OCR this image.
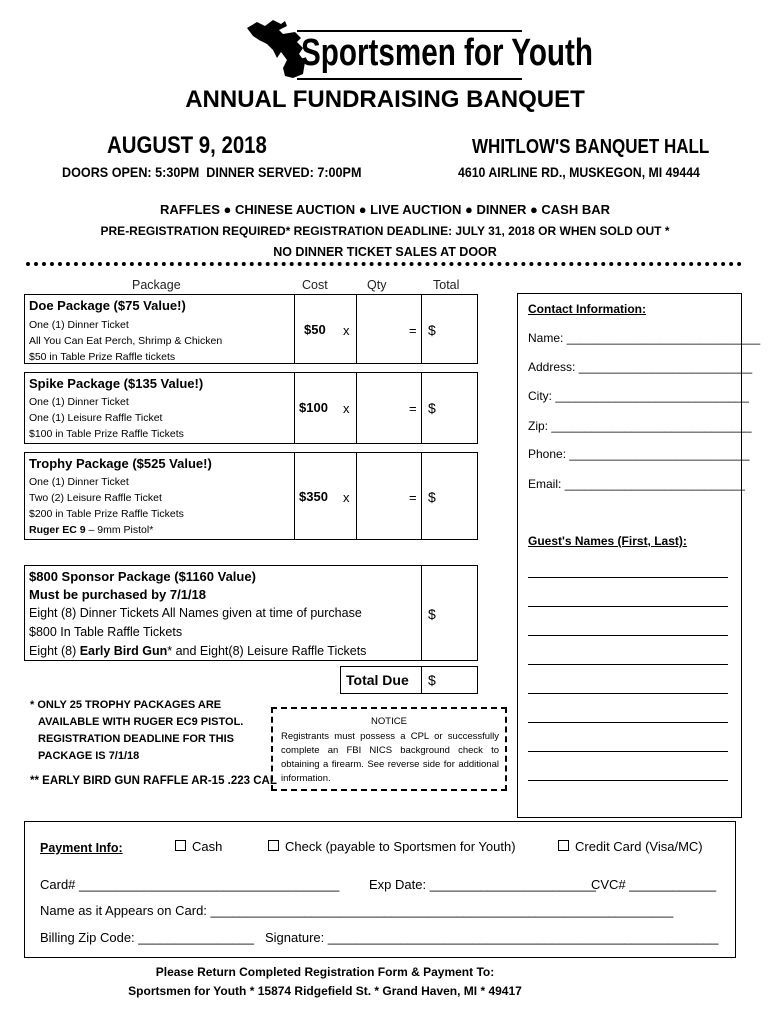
Sportsmen for Youth
ANNUAL FUNDRAISING BANQUET
AUGUST 9, 2018
DOORS OPEN: 5:30PM  DINNER SERVED: 7:00PM
WHITLOW'S BANQUET HALL
4610 AIRLINE RD., MUSKEGON, MI 49444
RAFFLES ● CHINESE AUCTION ● LIVE AUCTION ● DINNER ● CASH BAR
PRE-REGISTRATION REQUIRED* REGISTRATION DEADLINE: JULY 31, 2018 OR WHEN SOLD OUT *
NO DINNER TICKET SALES AT DOOR
Package	Cost	Qty	Total
Doe Package ($75 Value!)
One (1) Dinner Ticket
All You Can Eat Perch, Shrimp & Chicken
$50 in Table Prize Raffle tickets
$50 x	= $
Spike Package ($135 Value!)
One (1) Dinner Ticket
One (1) Leisure Raffle Ticket
$100 in Table Prize Raffle Tickets
$100 x	= $
Trophy Package ($525 Value!)
One (1) Dinner Ticket
Two (2) Leisure Raffle Ticket
$200 in Table Prize Raffle Tickets
Ruger EC 9 – 9mm Pistol*
$350 x	= $
$800 Sponsor Package ($1160 Value)
Must be purchased by 7/1/18
Eight (8) Dinner Tickets All Names given at time of purchase
$800 In Table Raffle Tickets
Eight (8) Early Bird Gun* and Eight(8) Leisure Raffle Tickets
$
Total Due $
* ONLY 25 TROPHY PACKAGES ARE
AVAILABLE WITH RUGER EC9 PISTOL.
REGISTRATION DEADLINE FOR THIS
PACKAGE IS 7/1/18
** EARLY BIRD GUN RAFFLE AR-15 .223 CAL
NOTICE
Registrants must possess a CPL or successfully complete an FBI NICS background check to obtaining a firearm. See reverse side for additional information.
Contact Information:
Name: _____________________________
Address: __________________________
City: _____________________________
Zip: ______________________________
Phone: ___________________________
Email: ___________________________
Guest's Names (First, Last):
Payment Info:	Cash	Check (payable to Sportsmen for Youth)	Credit Card (Visa/MC)
Card# ____________________________________ Exp Date: _______________________
CVC# ____________
Name as it Appears on Card: ________________________________________________________________
Billing Zip Code: ________________ Signature: ______________________________________________________
Please Return Completed Registration Form & Payment To:
Sportsmen for Youth * 15874 Ridgefield St. * Grand Haven, MI * 49417
